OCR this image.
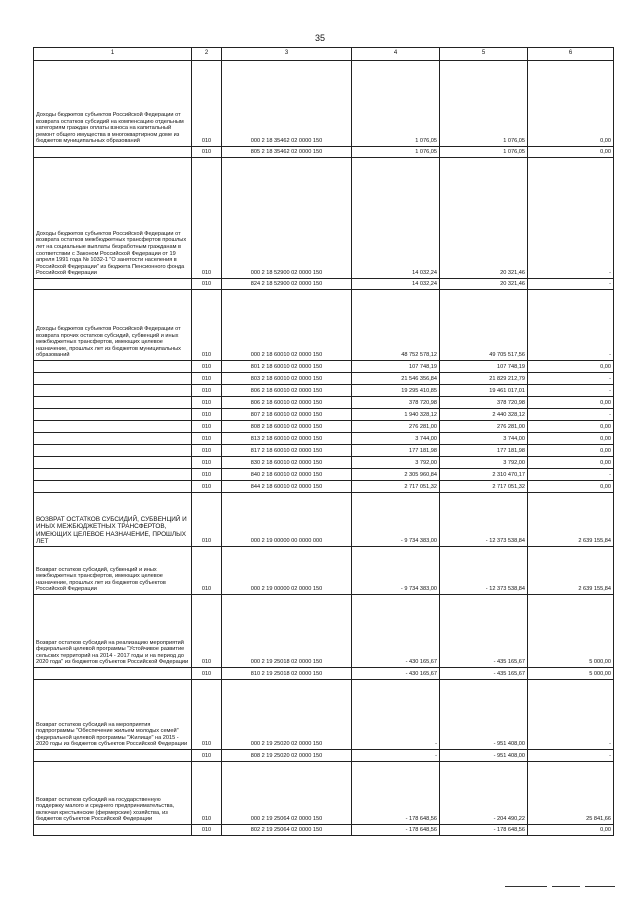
35
1	2	3	4	5	6
Доходы бюджетов субъектов Российской Федерации от возврата остатков субсидий на компенсацию отдельным категориям граждан оплаты взноса на капитальный ремонт общего имущества в многоквартирном доме из бюджетов муниципальных образований	010	000 2 18 35462 02 0000 150	1 076,05	1 076,05	0,00
	010	805 2 18 35462 02 0000 150	1 076,05	1 076,05	0,00
Доходы бюджетов субъектов Российской Федерации от возврата остатков межбюджетных трансфертов прошлых лет на социальные выплаты безработным гражданам в соответствии с Законом Российской Федерации от 19 апреля 1991 года № 1032-1 "О занятости населения в Российской Федерации" из бюджета Пенсионного фонда Российской Федерации	010	000 2 18 52900 02 0000 150	14 032,24	20 321,46	-
	010	824 2 18 52900 02 0000 150	14 032,24	20 321,46	-
Доходы бюджетов субъектов Российской Федерации от возврата прочих остатков субсидий, субвенций и иных межбюджетных трансфертов, имеющих целевое назначение, прошлых лет из бюджетов муниципальных образований	010	000 2 18 60010 02 0000 150	48 752 578,12	49 705 517,56	-
	010	801 2 18 60010 02 0000 150	107 748,19	107 748,19	0,00
	010	803 2 18 60010 02 0000 150	21 546 356,84	21 829 212,79	-
	010	806 2 18 60010 02 0000 150	19 295 410,85	19 461 017,01	-
	010	806 2 18 60010 02 0000 150	378 720,98	378 720,98	0,00
	010	807 2 18 60010 02 0000 150	1 940 328,12	2 440 328,12	-
	010	808 2 18 60010 02 0000 150	276 281,00	276 281,00	0,00
	010	813 2 18 60010 02 0000 150	3 744,00	3 744,00	0,00
	010	817 2 18 60010 02 0000 150	177 181,98	177 181,98	0,00
	010	830 2 18 60010 02 0000 150	3 792,00	3 792,00	0,00
	010	840 2 18 60010 02 0000 150	2 305 960,84	2 310 470,17	-
	010	844 2 18 60010 02 0000 150	2 717 051,32	2 717 051,32	0,00
ВОЗВРАТ ОСТАТКОВ СУБСИДИЙ, СУБВЕНЦИЙ И ИНЫХ МЕЖБЮДЖЕТНЫХ ТРАНСФЕРТОВ, ИМЕЮЩИХ ЦЕЛЕВОЕ НАЗНАЧЕНИЕ, ПРОШЛЫХ ЛЕТ	010	000 2 19 00000 00 0000 000	- 9 734 383,00	- 12 373 538,84	2 639 155,84
Возврат остатков субсидий, субвенций и иных межбюджетных трансфертов, имеющих целевое назначение, прошлых лет из бюджетов субъектов Российской Федерации	010	000 2 19 00000 02 0000 150	- 9 734 383,00	- 12 373 538,84	2 639 155,84
Возврат остатков субсидий на реализацию мероприятий федеральной целевой программы "Устойчивое развитие сельских территорий на 2014 - 2017 годы и на период до 2020 года" из бюджетов субъектов Российской Федерации	010	000 2 19 25018 02 0000 150	- 430 165,67	- 435 165,67	5 000,00
	010	810 2 19 25018 02 0000 150	- 430 165,67	- 435 165,67	5 000,00
Возврат остатков субсидий на мероприятия подпрограммы "Обеспечение жильем молодых семей" федеральной целевой программы "Жилище" на 2015 - 2020 годы из бюджетов субъектов Российской Федерации	010	000 2 19 25020 02 0000 150	-	- 951 408,00	-
	010	808 2 19 25020 02 0000 150	-	- 951 408,00	-
Возврат остатков субсидий на государственную поддержку малого и среднего предпринимательства, включая крестьянские (фермерские) хозяйства, из бюджетов субъектов Российской Федерации	010	000 2 19 25064 02 0000 150	- 178 648,56	- 204 490,22	25 841,66
	010	802 2 19 25064 02 0000 150	- 178 648,56	- 178 648,56	0,00
